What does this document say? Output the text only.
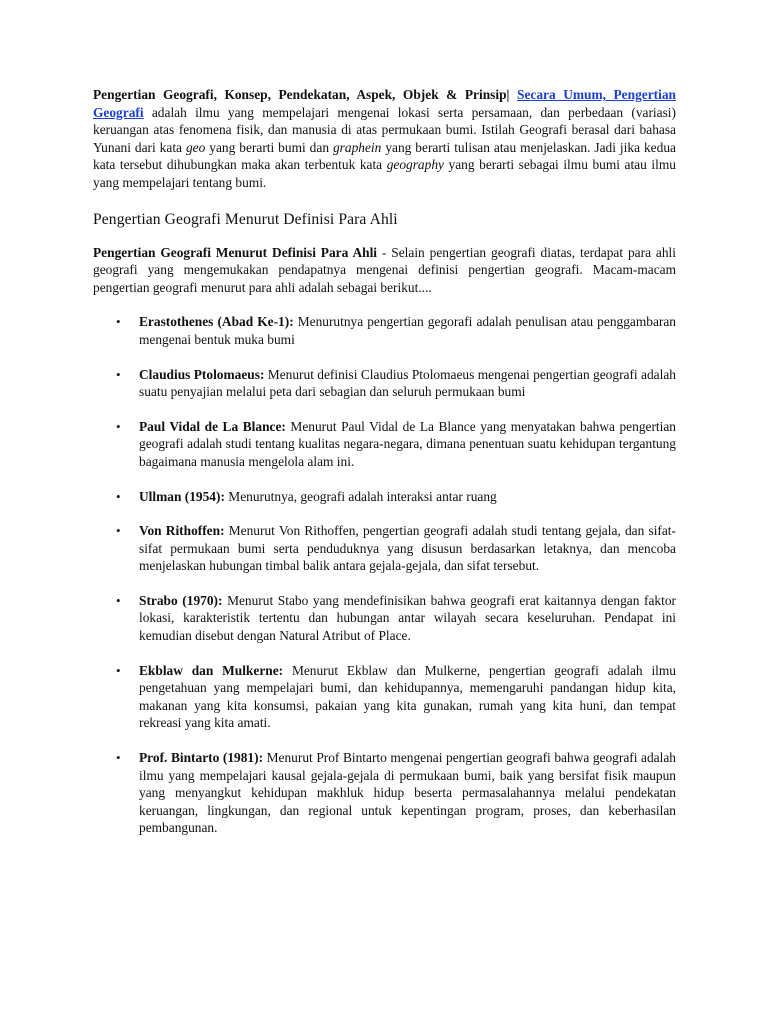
Pengertian Geografi, Konsep, Pendekatan, Aspek, Objek & Prinsip| Secara Umum, Pengertian Geografi adalah ilmu yang mempelajari mengenai lokasi serta persamaan, dan perbedaan (variasi) keruangan atas fenomena fisik, dan manusia di atas permukaan bumi. Istilah Geografi berasal dari bahasa Yunani dari kata geo yang berarti bumi dan graphein yang berarti tulisan atau menjelaskan. Jadi jika kedua kata tersebut dihubungkan maka akan terbentuk kata geography yang berarti sebagai ilmu bumi atau ilmu yang mempelajari tentang bumi.

Pengertian Geografi Menurut Definisi Para Ahli

Pengertian Geografi Menurut Definisi Para Ahli - Selain pengertian geografi diatas, terdapat para ahli geografi yang mengemukakan pendapatnya mengenai definisi pengertian geografi. Macam-macam pengertian geografi menurut para ahli adalah sebagai berikut....

• Erastothenes (Abad Ke-1): Menurutnya pengertian gegorafi adalah penulisan atau penggambaran mengenai bentuk muka bumi

• Claudius Ptolomaeus: Menurut definisi Claudius Ptolomaeus mengenai pengertian geografi adalah suatu penyajian melalui peta dari sebagian dan seluruh permukaan bumi

• Paul Vidal de La Blance: Menurut Paul Vidal de La Blance yang menyatakan bahwa pengertian geografi adalah studi tentang kualitas negara-negara, dimana penentuan suatu kehidupan tergantung bagaimana manusia mengelola alam ini.

• Ullman (1954): Menurutnya, geografi adalah interaksi antar ruang

• Von Rithoffen: Menurut Von Rithoffen, pengertian geografi adalah studi tentang gejala, dan sifat-sifat permukaan bumi serta penduduknya yang disusun berdasarkan letaknya, dan mencoba menjelaskan hubungan timbal balik antara gejala-gejala, dan sifat tersebut.

• Strabo (1970): Menurut Stabo yang mendefinisikan bahwa geografi erat kaitannya dengan faktor lokasi, karakteristik tertentu dan hubungan antar wilayah secara keseluruhan. Pendapat ini kemudian disebut dengan Natural Atribut of Place.

• Ekblaw dan Mulkerne: Menurut Ekblaw dan Mulkerne, pengertian geografi adalah ilmu pengetahuan yang mempelajari bumi, dan kehidupannya, memengaruhi pandangan hidup kita, makanan yang kita konsumsi, pakaian yang kita gunakan, rumah yang kita huni, dan tempat rekreasi yang kita amati.

• Prof. Bintarto (1981): Menurut Prof Bintarto mengenai pengertian geografi bahwa geografi adalah ilmu yang mempelajari kausal gejala-gejala di permukaan bumi, baik yang bersifat fisik maupun yang menyangkut kehidupan makhluk hidup beserta permasalahannya melalui pendekatan keruangan, lingkungan, dan regional untuk kepentingan program, proses, dan keberhasilan pembangunan.
